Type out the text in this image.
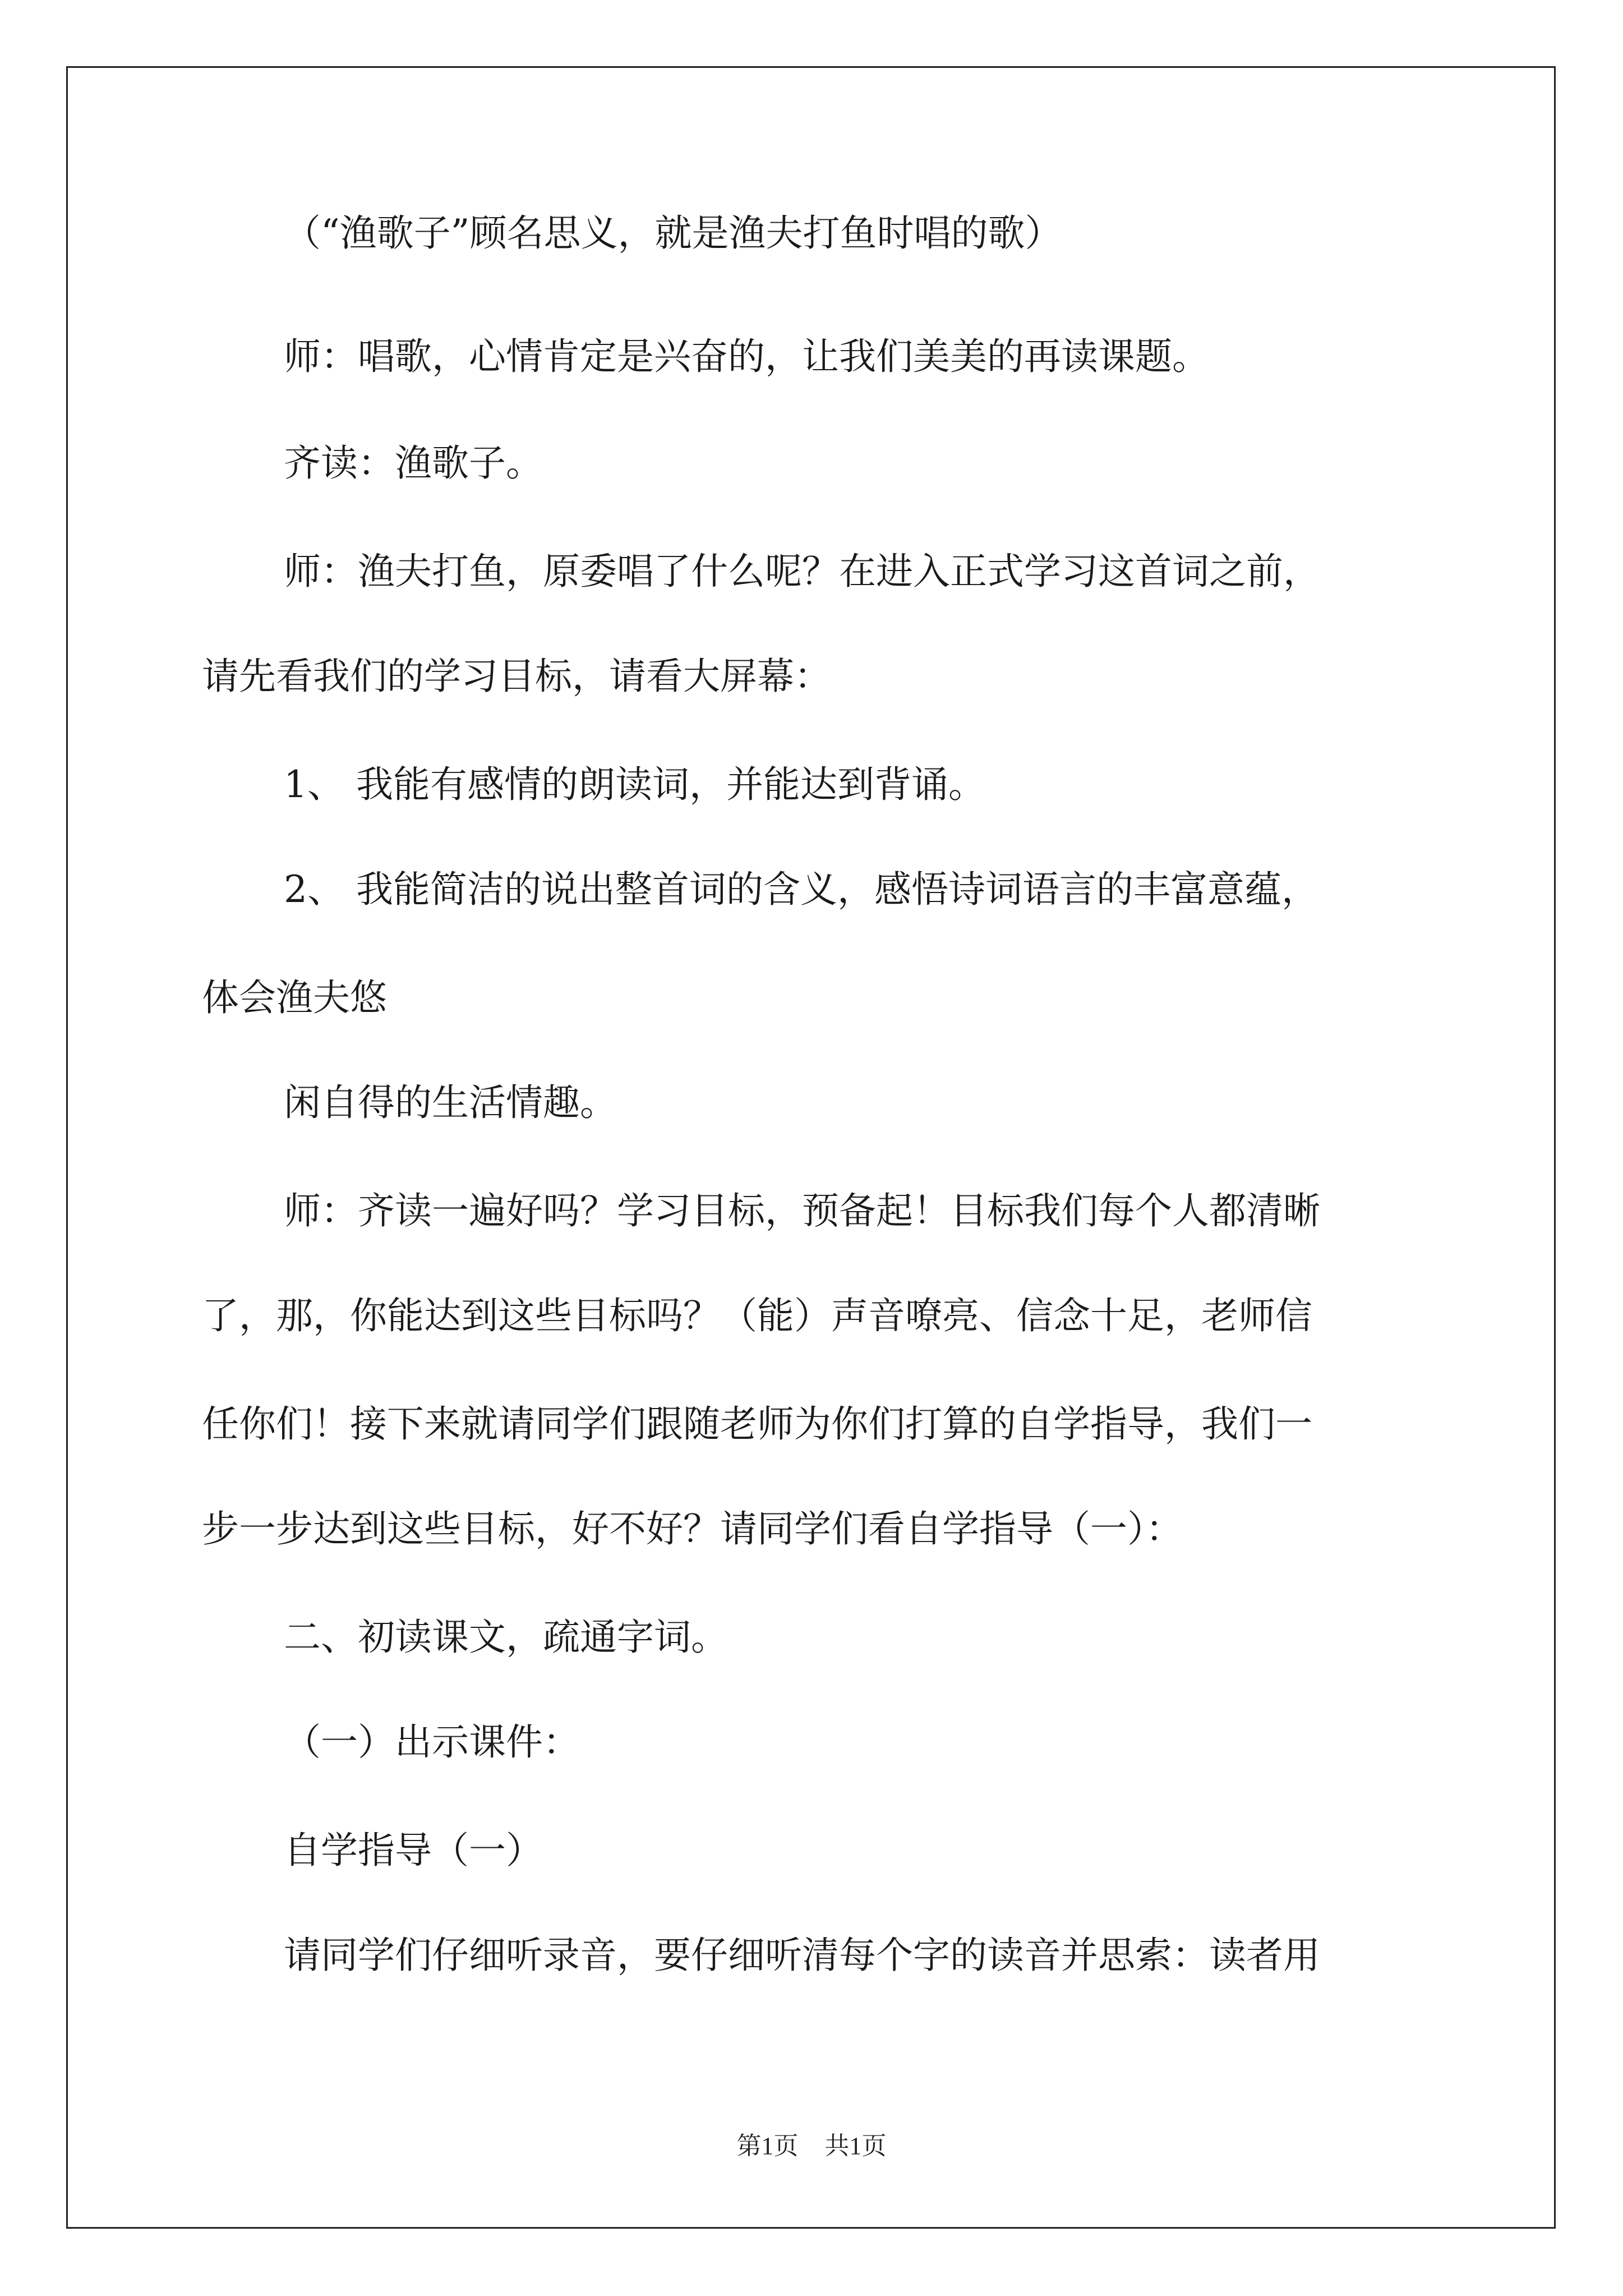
（“渔歌子”顾名思义，就是渔夫打鱼时唱的歌）
师：唱歌，心情肯定是兴奋的，让我们美美的再读课题。
齐读：渔歌子。
师：渔夫打鱼，原委唱了什么呢？在进入正式学习这首词之前，
请先看我们的学习目标，请看大屏幕：
1、 我能有感情的朗读词，并能达到背诵。
2、 我能简洁的说出整首词的含义，感悟诗词语言的丰富意蕴，
体会渔夫悠
闲自得的生活情趣。
师：齐读一遍好吗？学习目标，预备起！目标我们每个人都清晰
了，那，你能达到这些目标吗？（能）声音嘹亮、信念十足，老师信
任你们！接下来就请同学们跟随老师为你们打算的自学指导，我们一
步一步达到这些目标，好不好？请同学们看自学指导（一）：
二、初读课文，疏通字词。
（一）出示课件：
自学指导（一）
请同学们仔细听录音，要仔细听清每个字的读音并思索：读者用
第1页 共1页
